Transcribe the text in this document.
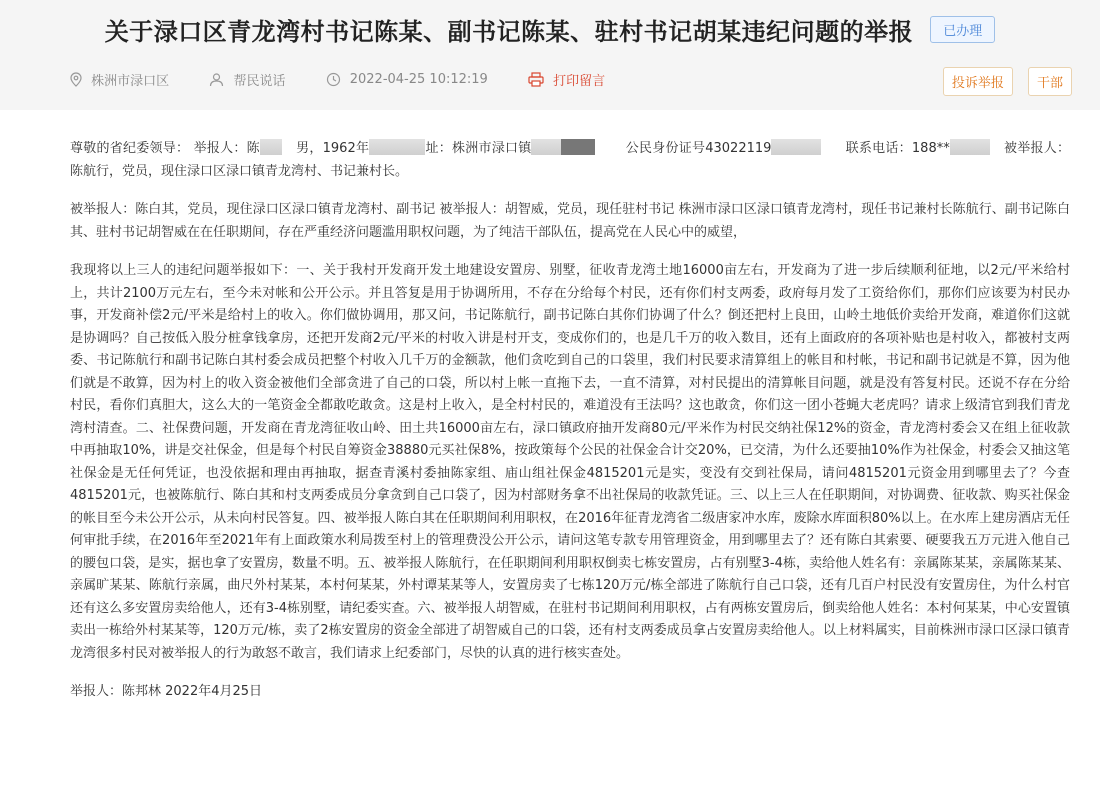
关于渌口区青龙湾村书记陈某、副书记陈某、驻村书记胡某违纪问题的举报 已办理
株洲市渌口区	帮民说话	2022-04-25 10:12:19	打印留言	投诉举报	干部

尊敬的省纪委领导： 举报人：陈	男，1962年	址：株洲市渌口镇	公民身份证号43022119	联系电话：188**	被举报人：陈航行，党员，现住渌口区渌口镇青龙湾村、书记兼村长。

被举报人：陈白其，党员，现住渌口区渌口镇青龙湾村、副书记 被举报人：胡智威，党员，现任驻村书记 株洲市渌口区渌口镇青龙湾村，现任书记兼村长陈航行、副书记陈白其、驻村书记胡智威在在任职期间，存在严重经济问题滥用职权问题，为了纯洁干部队伍，提高党在人民心中的威望，

我现将以上三人的违纪问题举报如下：一、关于我村开发商开发土地建设安置房、别墅，征收青龙湾土地16000亩左右，开发商为了进一步后续顺利征地，以2元/平米给村上，共计2100万元左右，至今未对帐和公开公示。并且答复是用于协调所用，不存在分给每个村民，还有你们村支两委，政府每月发了工资给你们，那你们应该要为村民办事，开发商补偿2元/平米是给村上的收入。你们做协调用，那又问，书记陈航行，副书记陈白其你们协调了什么？倒还把村上良田，山岭土地低价卖给开发商，难道你们这就是协调吗？自己按低入股分桩拿钱拿房，还把开发商2元/平米的村收入讲是村开支，变成你们的，也是几千万的收入数目，还有上面政府的各项补贴也是村收入，都被村支两委、书记陈航行和副书记陈白其村委会成员把整个村收入几千万的金额款，他们贪吃到自己的口袋里，我们村民要求清算组上的帐目和村帐，书记和副书记就是不算，因为他们就是不敢算，因为村上的收入资金被他们全部贪进了自己的口袋，所以村上帐一直拖下去，一直不清算，对村民提出的清算帐目问题，就是没有答复村民。还说不存在分给村民，看你们真胆大，这么大的一笔资金全都敢吃敢贪。这是村上收入，是全村村民的，难道没有王法吗？这也敢贪，你们这一团小苍蝇大老虎吗？请求上级清官到我们青龙湾村清查。二、社保费问题，开发商在青龙湾征收山岭、田土共16000亩左右，渌口镇政府抽开发商80元/平米作为村民交纳社保12%的资金，青龙湾村委会又在组上征收款中再抽取10%，讲是交社保金，但是每个村民自筹资金38880元买社保8%，按政策每个公民的社保金合计交20%，已交清，为什么还要抽10%作为社保金，村委会又抽这笔社保金是无任何凭证，也没依据和理由再抽取，据查青溪村委抽陈家组、庙山组社保金4815201元是实，变没有交到社保局，请问4815201元资金用到哪里去了？今查4815201元，也被陈航行、陈白其和村支两委成员分拿贪到自己口袋了，因为村部财务拿不出社保局的收款凭证。三、以上三人在任职期间，对协调费、征收款、购买社保金的帐目至今未公开公示，从未向村民答复。四、被举报人陈白其在任职期间利用职权，在2016年征青龙湾省二级唐家冲水库，废除水库面积80%以上。在水库上建房酒店无任何审批手续，在2016年至2021年有上面政策水利局拨至村上的管理费没公开公示，请问这笔专款专用管理资金，用到哪里去了？还有陈白其索要、硬要我五万元进入他自己的腰包口袋，是实，据也拿了安置房，数量不明。五、被举报人陈航行，在任职期间利用职权倒卖七栋安置房，占有别墅3-4栋，卖给他人姓名有：亲属陈某某，亲属陈某某、亲属旷某某、陈航行亲属，曲尺外村某某，本村何某某，外村谭某某等人，安置房卖了七栋120万元/栋全部进了陈航行自己口袋，还有几百户村民没有安置房住，为什么村官还有这么多安置房卖给他人，还有3-4栋别墅，请纪委实查。六、被举报人胡智威，在驻村书记期间利用职权，占有两栋安置房后，倒卖给他人姓名：本村何某某，中心安置镇卖出一栋给外村某某等，120万元/栋，卖了2栋安置房的资金全部进了胡智威自己的口袋，还有村支两委成员拿占安置房卖给他人。以上材料属实，目前株洲市渌口区渌口镇青龙湾很多村民对被举报人的行为敢怒不敢言，我们请求上纪委部门，尽快的认真的进行核实查处。

举报人：陈邦林 2022年4月25日
